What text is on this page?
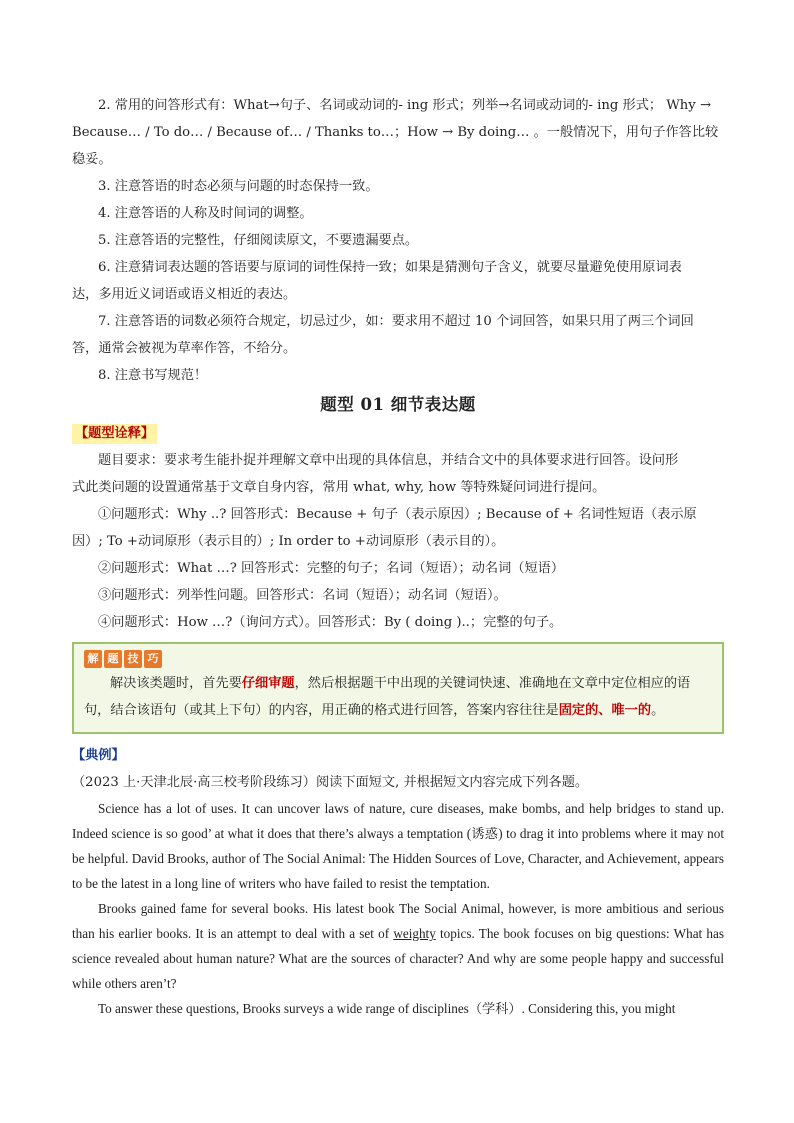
2. 常用的问答形式有：What→句子、名词或动词的- ing 形式；列举→名词或动词的- ing 形式； Why →

Because… / To do… / Because of… / Thanks to…；How → By doing… 。一般情况下，用句子作答比较稳妥。

3. 注意答语的时态必须与问题的时态保持一致。

4. 注意答语的人称及时间词的调整。

5. 注意答语的完整性，仔细阅读原文，不要遗漏要点。

6. 注意猜词表达题的答语要与原词的词性保持一致；如果是猜测句子含义，就要尽量避免使用原词表

达，多用近义词语或语义相近的表达。

7. 注意答语的词数必须符合规定，切忌过少，如：要求用不超过 10 个词回答，如果只用了两三个词回

答，通常会被视为草率作答，不给分。

8. 注意书写规范！

题型 01 细节表达题
【题型诠释】

题目要求：要求考生能扑捉并理解文章中出现的具体信息，并结合文中的具体要求进行回答。设问形

式此类问题的设置通常基于文章自身内容，常用 what, why, how 等特殊疑问词进行提问。

①问题形式：Why ..? 回答形式：Because + 句子（表示原因）; Because of + 名词性短语（表示原

因）; To +动词原形（表示目的）; In order to +动词原形（表示目的）。

②问题形式：What …? 回答形式：完整的句子；名词（短语）；动名词（短语）

③问题形式：列举性问题。回答形式：名词（短语）；动名词（短语）。

④问题形式：How …?（询问方式）。回答形式：By ( doing )..；完整的句子。

解 题 技 巧

解决该类题时，首先要仔细审题，然后根据题干中出现的关键词快速、准确地在文章中定位相应的语句，结合该语句（或其上下句）的内容，用正确的格式进行回答，答案内容往往是固定的、唯一的。

【典例】

（2023 上·天津北辰·高三校考阶段练习）阅读下面短文, 并根据短文内容完成下列各题。

Science has a lot of uses. It can uncover laws of nature, cure diseases, make bombs, and help bridges to stand up. Indeed science is so good’ at what it does that there’s always a temptation (诱惑) to drag it into problems where it may not be helpful. David Brooks, author of The Social Animal: The Hidden Sources of Love, Character, and Achievement, appears to be the latest in a long line of writers who have failed to resist the temptation.

Brooks gained fame for several books. His latest book The Social Animal, however, is more ambitious and serious than his earlier books. It is an attempt to deal with a set of weighty topics. The book focuses on big questions: What has science revealed about human nature? What are the sources of character? And why are some people happy and successful while others aren’t?

To answer these questions, Brooks surveys a wide range of disciplines（学科）. Considering this, you might
